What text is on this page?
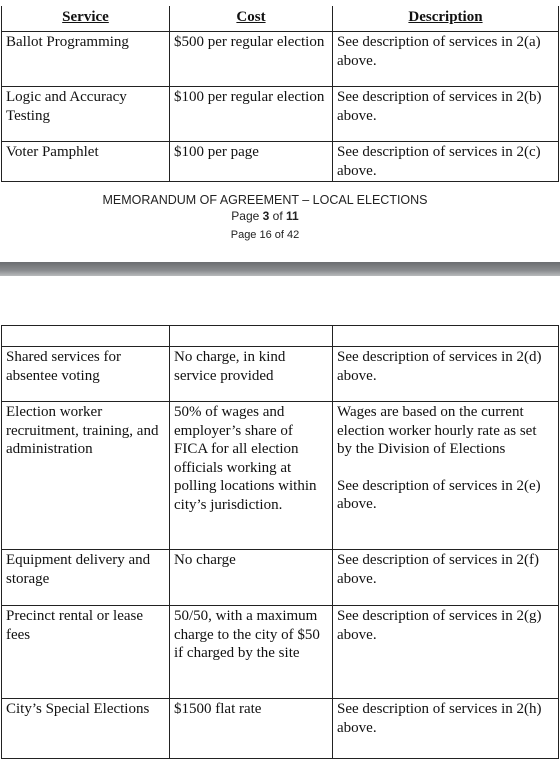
Service	Cost	Description
Ballot Programming	$500 per regular election	See description of services in 2(a) above.
Logic and Accuracy Testing	$100 per regular election	See description of services in 2(b) above.
Voter Pamphlet	$100 per page	See description of services in 2(c) above.
MEMORANDUM OF AGREEMENT – LOCAL ELECTIONS
Page 3 of 11
Page 16 of 42

Shared services for absentee voting	No charge, in kind service provided	See description of services in 2(d) above.
Election worker recruitment, training, and administration	50% of wages and employer’s share of FICA for all election officials working at polling locations within city’s jurisdiction.	Wages are based on the current election worker hourly rate as set by the Division of Elections
See description of services in 2(e) above.

Equipment delivery and storage	No charge	See description of services in 2(f) above.
Precinct rental or lease fees	50/50, with a maximum charge to the city of $50 if charged by the site	See description of services in 2(g) above.
City’s Special Elections	$1500 flat rate	See description of services in 2(h) above.
